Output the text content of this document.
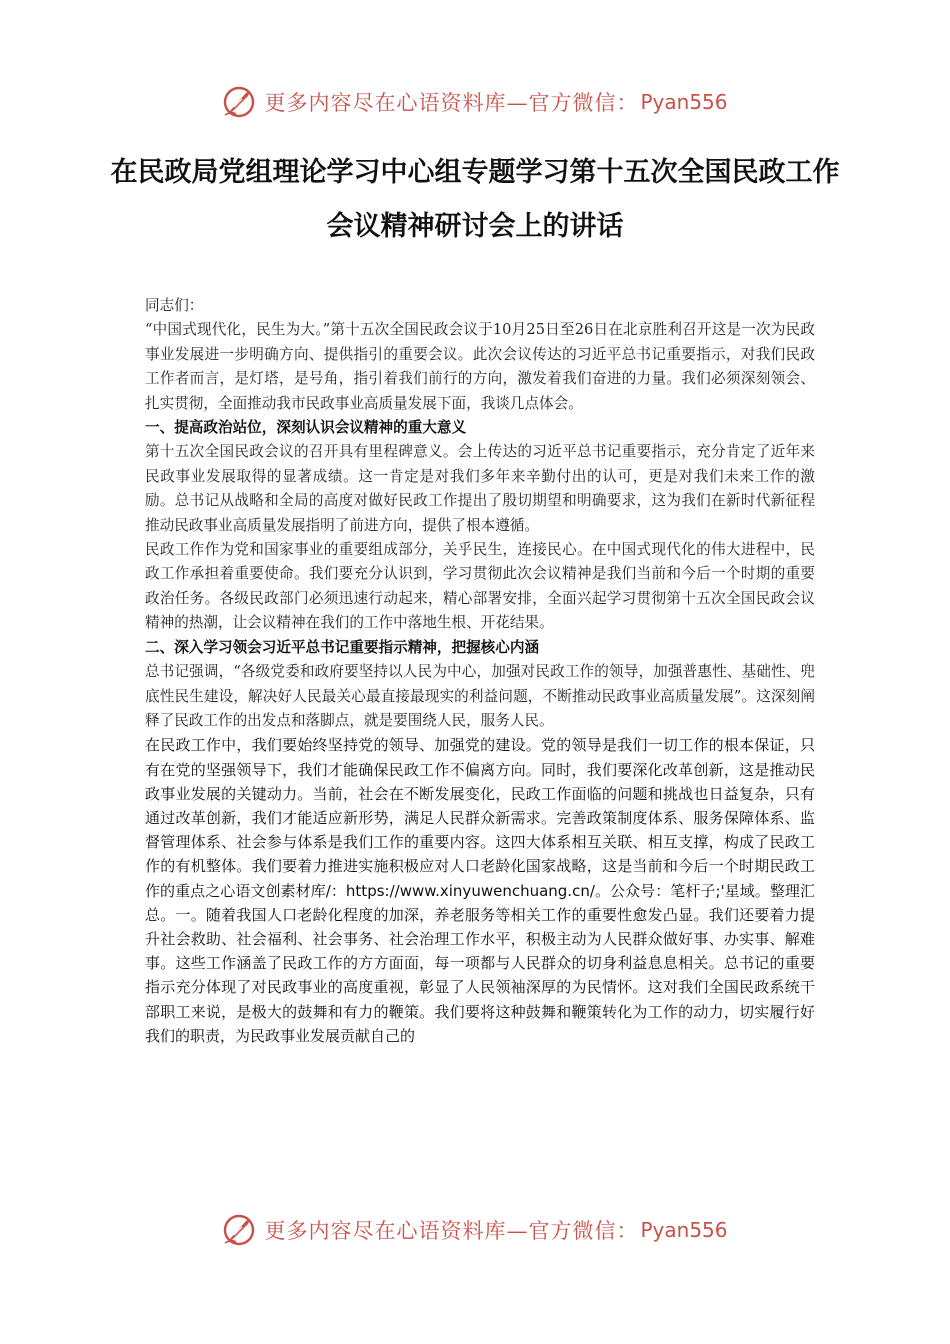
更多内容尽在心语资料库—官方微信： Pyan556
在民政局党组理论学习中心组专题学习第十五次全国民政工作会议精神研讨会上的讲话

同志们：

“中国式现代化，民生为大。”第十五次全国民政会议于10月25日至26日在北京胜利召开这是一次为民政事业发展进一步明确方向、提供指引的重要会议。此次会议传达的习近平总书记重要指示，对我们民政工作者而言，是灯塔，是号角，指引着我们前行的方向，激发着我们奋进的力量。我们必须深刻领会、扎实贯彻，全面推动我市民政事业高质量发展下面，我谈几点体会。

一、提高政治站位，深刻认识会议精神的重大意义

第十五次全国民政会议的召开具有里程碑意义。会上传达的习近平总书记重要指示，充分肯定了近年来民政事业发展取得的显著成绩。这一肯定是对我们多年来辛勤付出的认可，更是对我们未来工作的激励。总书记从战略和全局的高度对做好民政工作提出了殷切期望和明确要求，这为我们在新时代新征程推动民政事业高质量发展指明了前进方向，提供了根本遵循。

民政工作作为党和国家事业的重要组成部分，关乎民生，连接民心。在中国式现代化的伟大进程中，民政工作承担着重要使命。我们要充分认识到，学习贯彻此次会议精神是我们当前和今后一个时期的重要政治任务。各级民政部门必须迅速行动起来，精心部署安排，全面兴起学习贯彻第十五次全国民政会议精神的热潮，让会议精神在我们的工作中落地生根、开花结果。

二、深入学习领会习近平总书记重要指示精神，把握核心内涵

总书记强调，“各级党委和政府要坚持以人民为中心，加强对民政工作的领导，加强普惠性、基础性、兜底性民生建设，解决好人民最关心最直接最现实的利益问题，不断推动民政事业高质量发展”。这深刻阐释了民政工作的出发点和落脚点，就是要围绕人民，服务人民。

在民政工作中，我们要始终坚持党的领导、加强党的建设。党的领导是我们一切工作的根本保证，只有在党的坚强领导下，我们才能确保民政工作不偏离方向。同时，我们要深化改革创新，这是推动民政事业发展的关键动力。当前，社会在不断发展变化，民政工作面临的问题和挑战也日益复杂，只有通过改革创新，我们才能适应新形势，满足人民群众新需求。完善政策制度体系、服务保障体系、监督管理体系、社会参与体系是我们工作的重要内容。这四大体系相互关联、相互支撑，构成了民政工作的有机整体。我们要着力推进实施积极应对人口老龄化国家战略，这是当前和今后一个时期民政工作的重点之心语文创素材库/：https://www.xinyuwenchuang.cn/。公众号：笔杆子;'星域。整理汇总。一。随着我国人口老龄化程度的加深，养老服务等相关工作的重要性愈发凸显。我们还要着力提升社会救助、社会福利、社会事务、社会治理工作水平，积极主动为人民群众做好事、办实事、解难事。这些工作涵盖了民政工作的方方面面，每一项都与人民群众的切身利益息息相关。总书记的重要指示充分体现了对民政事业的高度重视，彰显了人民领袖深厚的为民情怀。这对我们全国民政系统干部职工来说，是极大的鼓舞和有力的鞭策。我们要将这种鼓舞和鞭策转化为工作的动力，切实履行好我们的职责，为民政事业发展贡献自己的

更多内容尽在心语资料库—官方微信： Pyan556
